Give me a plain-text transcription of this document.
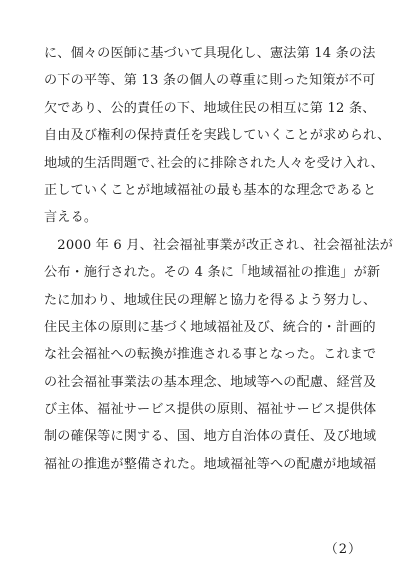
に、個々の医師に基づいて具現化し、憲法第 14 条の法
の下の平等、第 13 条の個人の尊重に則った知策が不可
欠であり、公的責任の下、地域住民の相互に第 12 条、
自由及び権利の保持責任を実践していくことが求められ、
地域的生活問題で､社会的に排除された人々を受け入れ、
正していくことが地域福祉の最も基本的な理念であると
言える。
　2000 年 6 月、社会福祉事業が改正され、社会福祉法が
公布・施行された。その 4 条に「地域福祉の推進」が新
たに加わり、地域住民の理解と協力を得るよう努力し、
住民主体の原則に基づく地域福祉及び、統合的・計画的
な社会福祉への転換が推進される事となった。これまで
の社会福祉事業法の基本理念、地域等への配慮、経営及
び主体、福祉サービス提供の原則、福祉サービス提供体
制の確保等に関する、国、地方自治体の責任、及び地域
福祉の推進が整備された。地域福祉等への配慮が地域福
（2）
